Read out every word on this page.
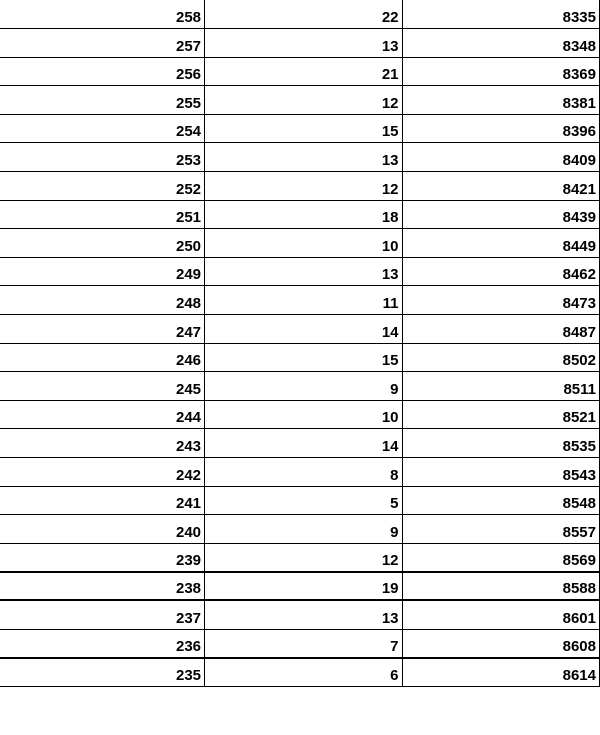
258	22	8335
257	13	8348
256	21	8369
255	12	8381
254	15	8396
253	13	8409
252	12	8421
251	18	8439
250	10	8449
249	13	8462
248	11	8473
247	14	8487
246	15	8502
245	9	8511
244	10	8521
243	14	8535
242	8	8543
241	5	8548
240	9	8557
239	12	8569
238	19	8588
237	13	8601
236	7	8608
235	6	8614
